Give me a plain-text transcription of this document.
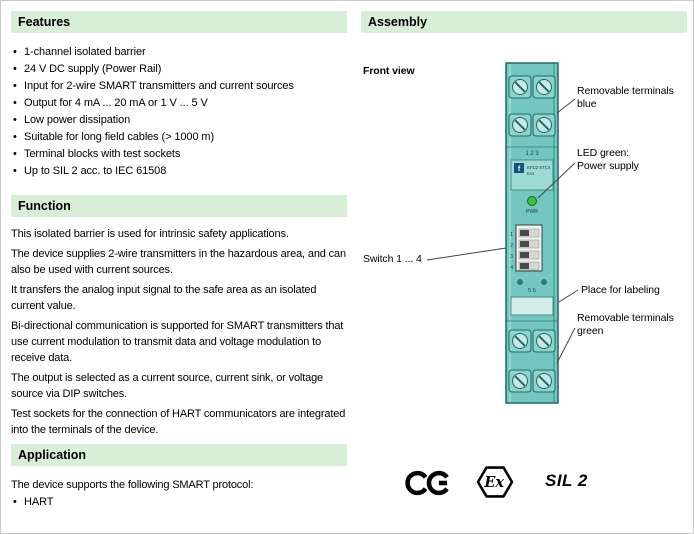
Features
• 1-channel isolated barrier
• 24 V DC supply (Power Rail)
• Input for 2-wire SMART transmitters and current sources
• Output for 4 mA ... 20 mA or 1 V ... 5 V
• Low power dissipation
• Suitable for long field cables (> 1000 m)
• Terminal blocks with test sockets
• Up to SIL 2 acc. to IEC 61508
Function

This isolated barrier is used for intrinsic safety applications.

The device supplies 2-wire transmitters in the hazardous area, and can also be used with current sources.

It transfers the analog input signal to the safe area as an isolated current value.

Bi-directional communication is supported for SMART transmitters that use current modulation to transmit data and voltage modulation to receive data.

The output is selected as a current source, current sink, or voltage source via DIP switches.

Test sockets for the connection of HART communicators are integrated into the terminals of the device.

Application

The device supports the following SMART protocol:

• HART
Assembly
1 2 3
f KFD2-STC4
Ex1
PWR
1
2
3
4
5 6
Front view
Removable terminals
blue
LED green:
Power supply
Switch 1 ... 4
Place for labeling
Removable terminals
green
Ex SIL 2
